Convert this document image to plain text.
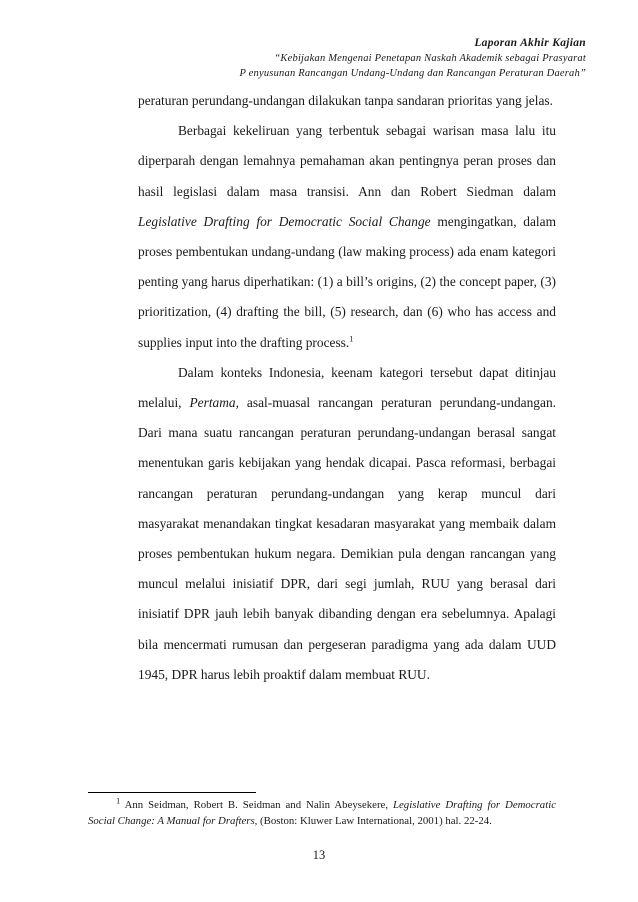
Laporan Akhir Kajian
“Kebijakan Mengenai Penetapan Naskah Akademik sebagai Prasyarat
P enyusunan Rancangan Undang-Undang dan Rancangan Peraturan Daerah”

peraturan perundang-undangan dilakukan tanpa sandaran prioritas yang jelas.

Berbagai kekeliruan yang terbentuk sebagai warisan masa lalu itu diperparah dengan lemahnya pemahaman akan pentingnya peran proses dan hasil legislasi dalam masa transisi. Ann dan Robert Siedman dalam Legislative Drafting for Democratic Social Change mengingatkan, dalam proses pembentukan undang-undang (law making process) ada enam kategori penting yang harus diperhatikan: (1) a bill’s origins, (2) the concept paper, (3) prioritization, (4) drafting the bill, (5) research, dan (6) who has access and supplies input into the drafting process.$^1$

Dalam konteks Indonesia, keenam kategori tersebut dapat ditinjau melalui, Pertama, asal-muasal rancangan peraturan perundang-undangan. Dari mana suatu rancangan peraturan perundang-undangan berasal sangat menentukan garis kebijakan yang hendak dicapai. Pasca reformasi, berbagai rancangan peraturan perundang-undangan yang kerap muncul dari masyarakat menandakan tingkat kesadaran masyarakat yang membaik dalam proses pembentukan hukum negara. Demikian pula dengan rancangan yang muncul melalui inisiatif DPR, dari segi jumlah, RUU yang berasal dari inisiatif DPR jauh lebih banyak dibanding dengan era sebelumnya. Apalagi bila mencermati rumusan dan pergeseran paradigma yang ada dalam UUD 1945, DPR harus lebih proaktif dalam membuat RUU.

$^1$ Ann Seidman, Robert B. Seidman and Nalin Abeysekere, Legislative Drafting for Democratic Social Change: A Manual for Drafters, (Boston: Kluwer Law International, 2001) hal. 22-24.
13
